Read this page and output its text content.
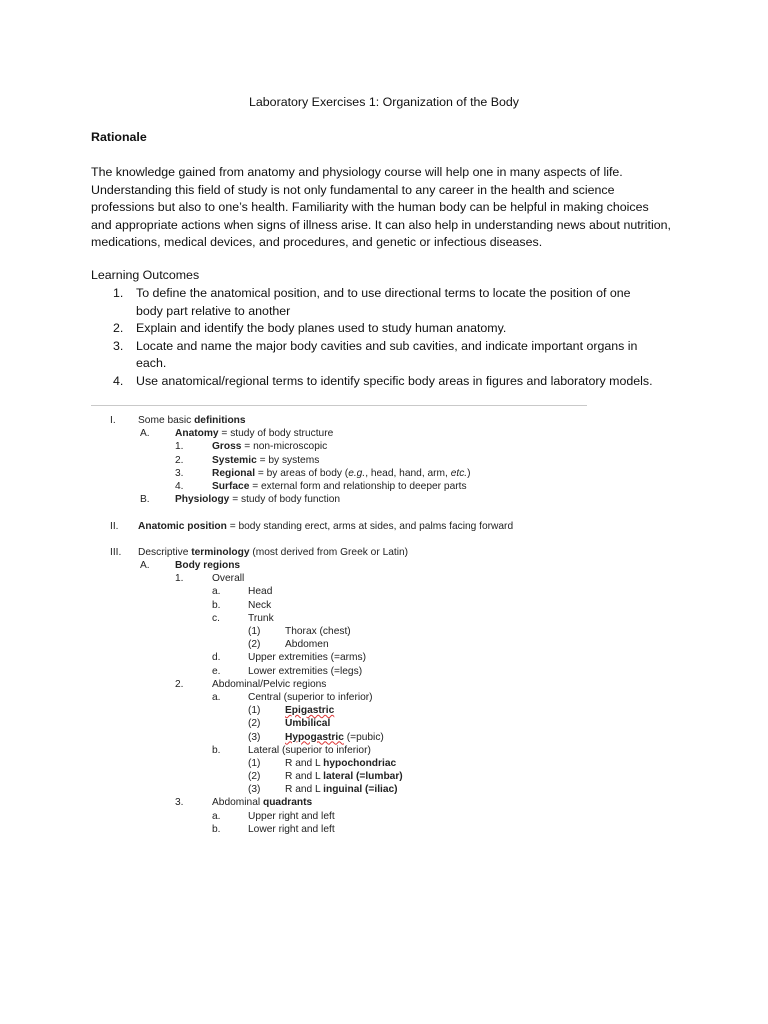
Laboratory Exercises 1: Organization of the Body
Rationale
The knowledge gained from anatomy and physiology course will help one in many aspects of life.
Understanding this field of study is not only fundamental to any career in the health and science
professions but also to one’s health. Familiarity with the human body can be helpful in making choices
and appropriate actions when signs of illness arise. It can also help in understanding news about nutrition,
medications, medical devices, and procedures, and genetic or infectious diseases.
Learning Outcomes
1. To define the anatomical position, and to use directional terms to locate the position of one body part relative to another
2. Explain and identify the body planes used to study human anatomy.
3. Locate and name the major body cavities and sub cavities, and indicate important organs in each.
4. Use anatomical/regional terms to identify specific body areas in figures and laboratory models.
I. Some basic definitions
A. Anatomy = study of body structure
1.	Gross = non-microscopic
2.	Systemic = by systems
3.	Regional = by areas of body (e.g., head, hand, arm, etc.)
4.	Surface = external form and relationship to deeper parts
B. Physiology = study of body function
II. Anatomic position = body standing erect, arms at sides, and palms facing forward
III. Descriptive terminology (most derived from Greek or Latin)
A. Body regions
1.	Overall
a.	Head
b.	Neck
c.	Trunk
(1) Thorax (chest)
(2) Abdomen
d.	Upper extremities (=arms)
e.	Lower extremities (=legs)
2.	Abdominal/Pelvic regions
a.	Central (superior to inferior)
(1) Epigastric
(2) Umbilical
(3) Hypogastric (=pubic)
b.	Lateral (superior to inferior)
(1) R and L hypochondriac
(2) R and L lateral (=lumbar)
(3) R and L inguinal (=iliac)
3.	Abdominal quadrants
a.	Upper right and left
b.	Lower right and left
